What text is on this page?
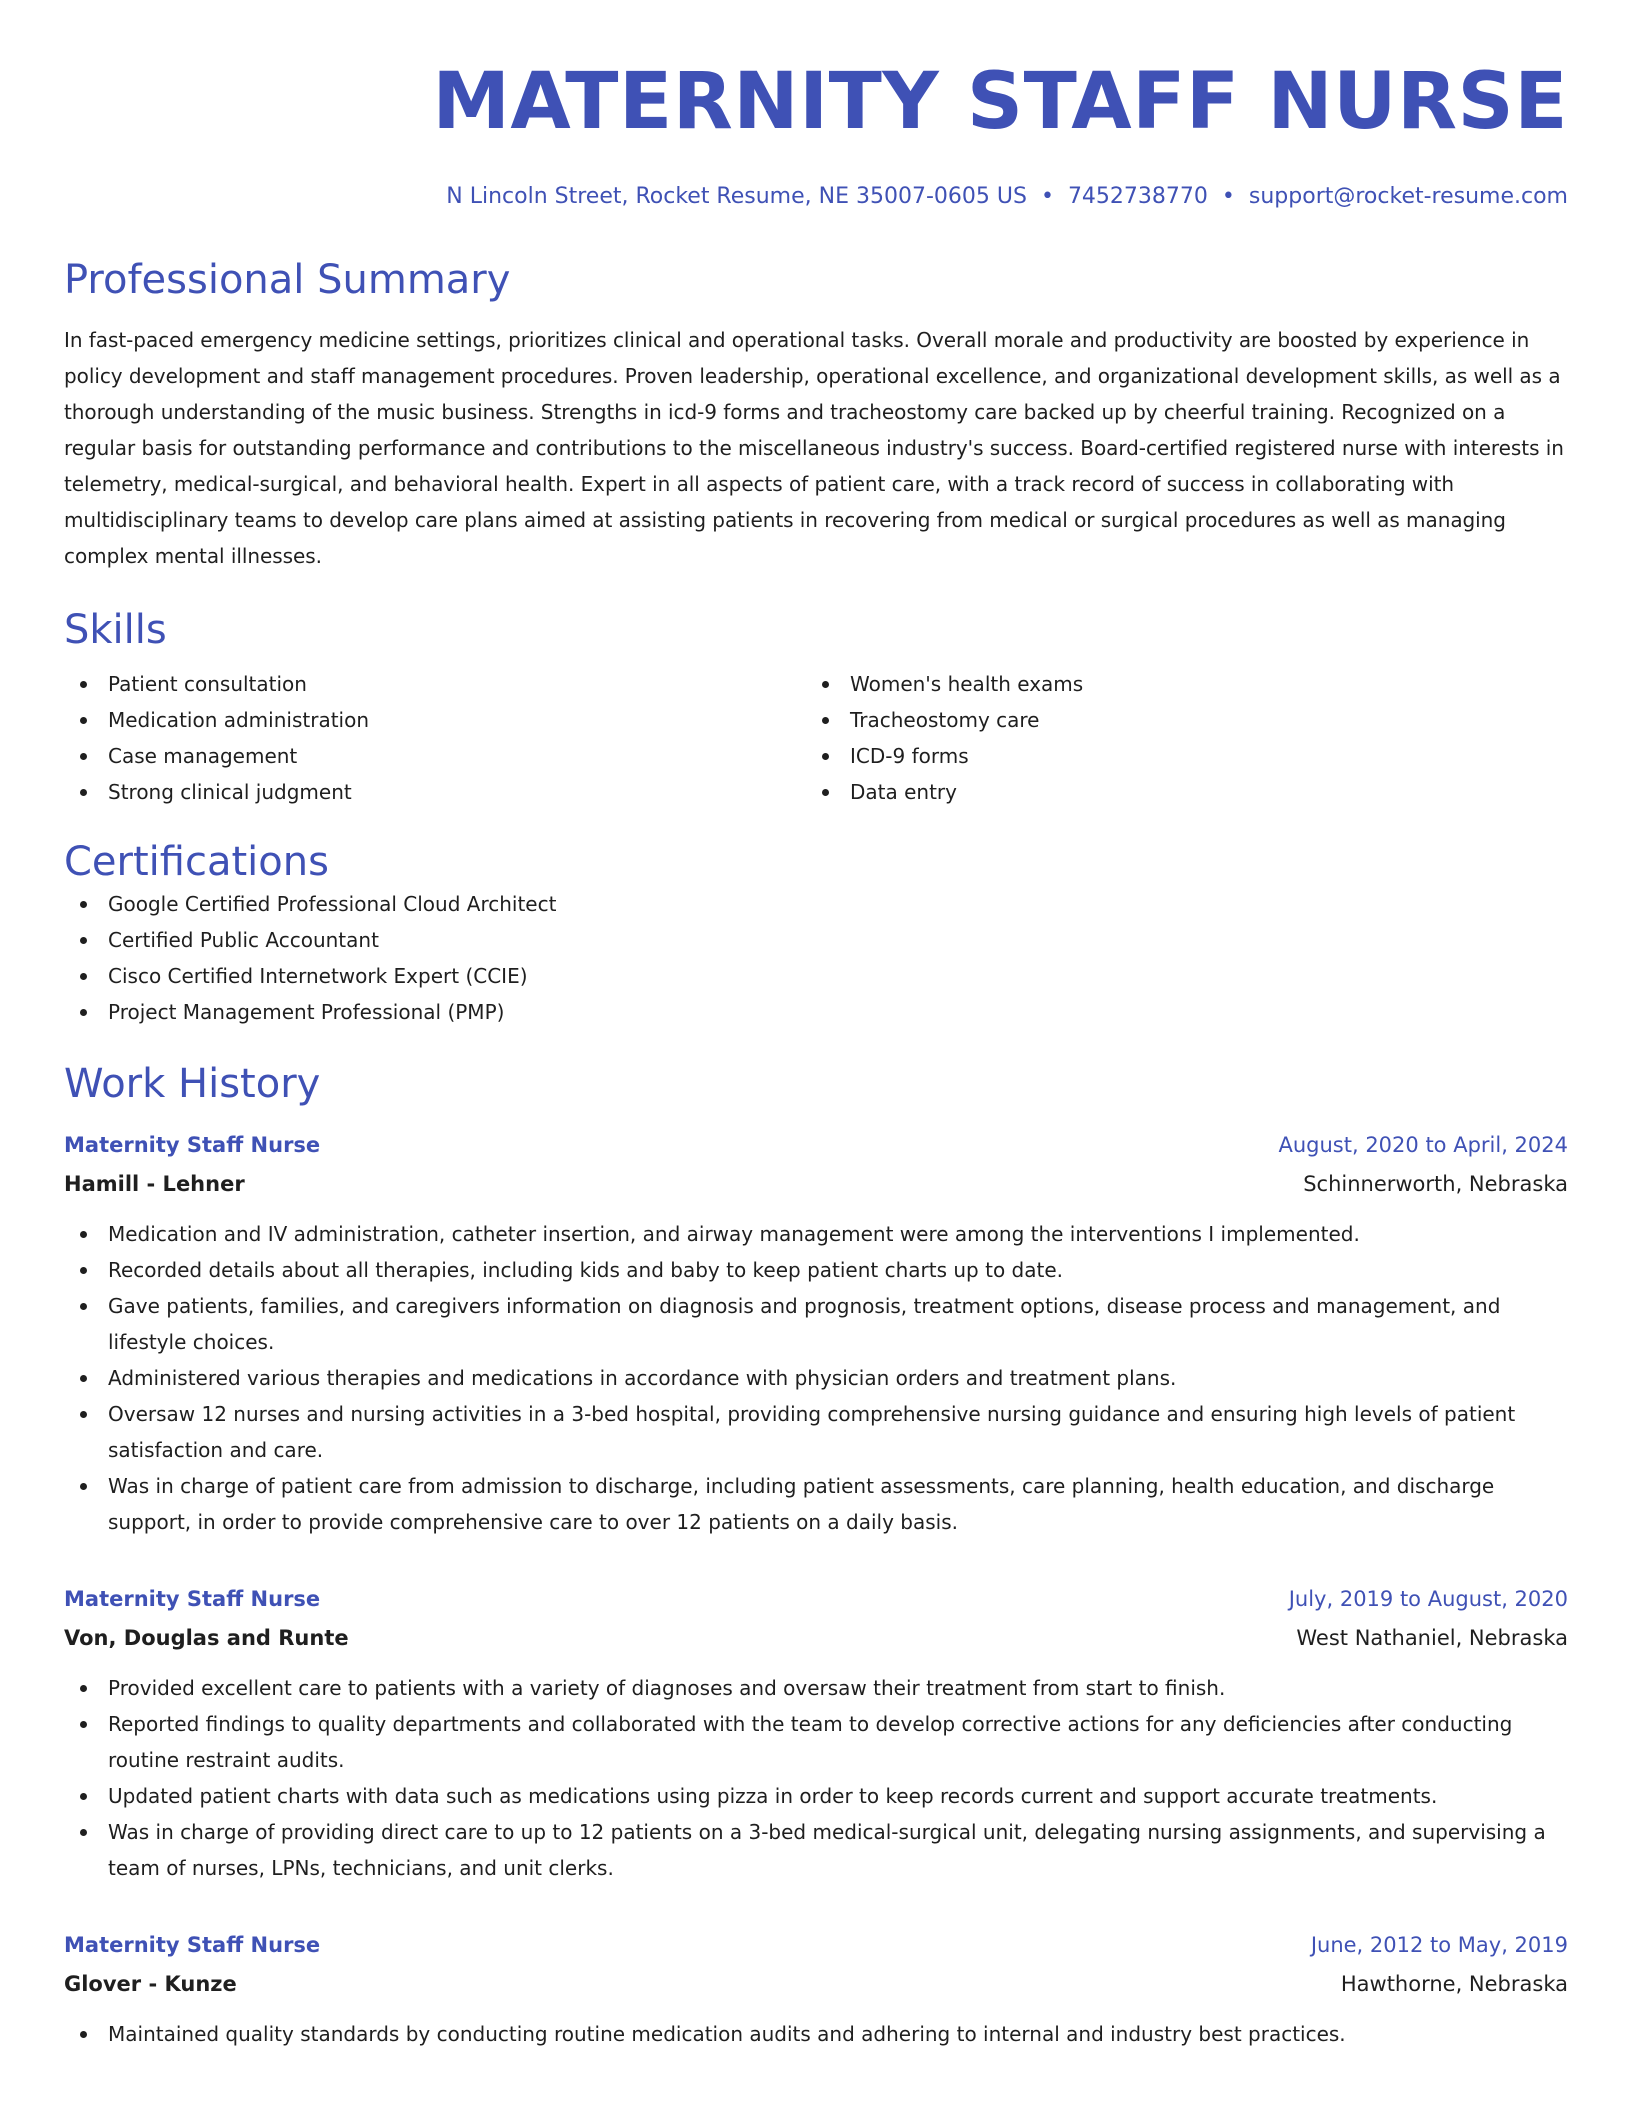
MATERNITY STAFF NURSE
N Lincoln Street, Rocket Resume, NE 35007-0605 US • 7452738770 • support@rocket-resume.com
Professional Summary

In fast-paced emergency medicine settings, prioritizes clinical and operational tasks. Overall morale and productivity are boosted by experience in policy development and staff management procedures. Proven leadership, operational excellence, and organizational development skills, as well as a thorough understanding of the music business. Strengths in icd-9 forms and tracheostomy care backed up by cheerful training. Recognized on a regular basis for outstanding performance and contributions to the miscellaneous industry's success. Board-certified registered nurse with interests in telemetry, medical-surgical, and behavioral health. Expert in all aspects of patient care, with a track record of success in collaborating with multidisciplinary teams to develop care plans aimed at assisting patients in recovering from medical or surgical procedures as well as managing complex mental illnesses.

Skills
Patient consultation
Medication administration
Case management
Strong clinical judgment
Women's health exams
Tracheostomy care
ICD-9 forms
Data entry
Certifications
Google Certified Professional Cloud Architect
Certified Public Accountant
Cisco Certified Internetwork Expert (CCIE)
Project Management Professional (PMP)
Work History
Maternity Staff Nurse	August, 2020 to April, 2024
Hamill - Lehner	Schinnerworth, Nebraska
Medication and IV administration, catheter insertion, and airway management were among the interventions I implemented.
Recorded details about all therapies, including kids and baby to keep patient charts up to date.
Gave patients, families, and caregivers information on diagnosis and prognosis, treatment options, disease process and management, and lifestyle choices.
Administered various therapies and medications in accordance with physician orders and treatment plans.
Oversaw 12 nurses and nursing activities in a 3-bed hospital, providing comprehensive nursing guidance and ensuring high levels of patient satisfaction and care.
Was in charge of patient care from admission to discharge, including patient assessments, care planning, health education, and discharge support, in order to provide comprehensive care to over 12 patients on a daily basis.
Maternity Staff Nurse	July, 2019 to August, 2020
Von, Douglas and Runte	West Nathaniel, Nebraska
Provided excellent care to patients with a variety of diagnoses and oversaw their treatment from start to finish.
Reported findings to quality departments and collaborated with the team to develop corrective actions for any deficiencies after conducting routine restraint audits.
Updated patient charts with data such as medications using pizza in order to keep records current and support accurate treatments.
Was in charge of providing direct care to up to 12 patients on a 3-bed medical-surgical unit, delegating nursing assignments, and supervising a team of nurses, LPNs, technicians, and unit clerks.
Maternity Staff Nurse	June, 2012 to May, 2019
Glover - Kunze	Hawthorne, Nebraska
Maintained quality standards by conducting routine medication audits and adhering to internal and industry best practices.
